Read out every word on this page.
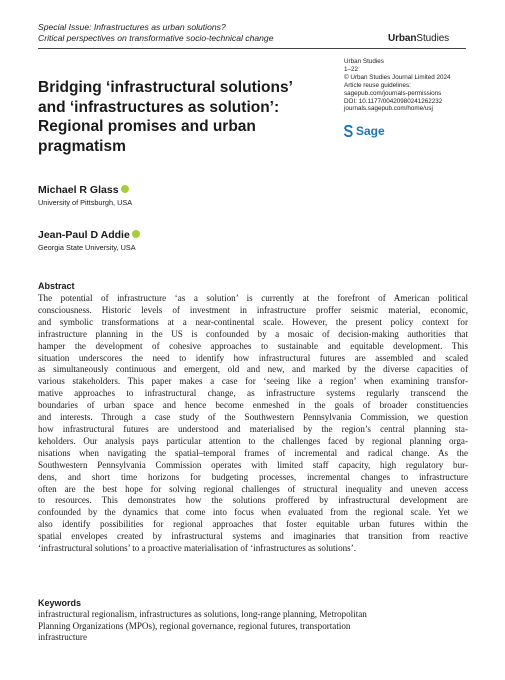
Special Issue: Infrastructures as urban solutions?
Critical perspectives on transformative socio-technical change	UrbanStudies
Bridging ‘infrastructural solutions’
and ‘infrastructures as solution’:
Regional promises and urban
pragmatism
Urban Studies
1–22
© Urban Studies Journal Limited 2024
Article reuse guidelines:
sagepub.com/journals-permissions
DOI: 10.1177/00420980241262232
journals.sagepub.com/home/usj
Sage
Michael R Glass
University of Pittsburgh, USA
Jean-Paul D Addie
Georgia State University, USA
Abstract
The potential of infrastructure ‘as a solution’ is currently at the forefront of American political
consciousness. Historic levels of investment in infrastructure proffer seismic material, economic,
and symbolic transformations at a near-continental scale. However, the present policy context for
infrastructure planning in the US is confounded by a mosaic of decision-making authorities that
hamper the development of cohesive approaches to sustainable and equitable development. This
situation underscores the need to identify how infrastructural futures are assembled and scaled
as simultaneously continuous and emergent, old and new, and marked by the diverse capacities of
various stakeholders. This paper makes a case for ‘seeing like a region’ when examining transfor-
mative approaches to infrastructural change, as infrastructure systems regularly transcend the
boundaries of urban space and hence become enmeshed in the goals of broader constituencies
and interests. Through a case study of the Southwestern Pennsylvania Commission, we question
how infrastructural futures are understood and materialised by the region’s central planning sta-
keholders. Our analysis pays particular attention to the challenges faced by regional planning orga-
nisations when navigating the spatial–temporal frames of incremental and radical change. As the
Southwestern Pennsylvania Commission operates with limited staff capacity, high regulatory bur-
dens, and short time horizons for budgeting processes, incremental changes to infrastructure
often are the best hope for solving regional challenges of structural inequality and uneven access
to resources. This demonstrates how the solutions proffered by infrastructural development are
confounded by the dynamics that come into focus when evaluated from the regional scale. Yet we
also identify possibilities for regional approaches that foster equitable urban futures within the
spatial envelopes created by infrastructural systems and imaginaries that transition from reactive
‘infrastructural solutions’ to a proactive materialisation of ‘infrastructures as solutions’.
Keywords
infrastructural regionalism, infrastructures as solutions, long-range planning, Metropolitan
Planning Organizations (MPOs), regional governance, regional futures, transportation
infrastructure
